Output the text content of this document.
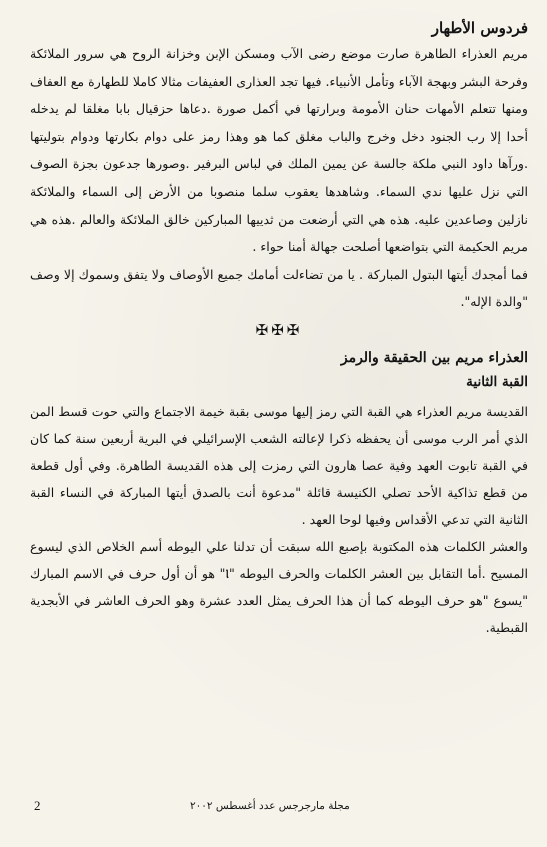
فردوس الأطهار

مريم العذراء الطاهرة صارت موضع رضى الآب ومسكن الإبن وخزانة الروح هي سرور الملائكة وفرحة البشر وبهجة الآباء وتأمل الأنبياء. فيها تجد العذارى العفيفات مثالا كاملا للطهارة مع العفاف ومنها تتعلم الأمهات حنان الأمومة وبرارتها في أكمل صورة .دعاها حزقيال بابا مغلقا لم يدخله أحدا إلا رب الجنود دخل وخرج والباب مغلق كما هو وهذا رمز على دوام بكارتها ودوام بتوليتها .ورآها داود النبي ملكة جالسة عن يمين الملك في لباس البرفير .وصورها جدعون بجزة الصوف التي نزل عليها ندي السماء. وشاهدها يعقوب سلما منصوبا من الأرض إلى السماء والملائكة نازلين وصاعدين عليه. هذه هي التي أرضعت من ثدييها المباركين خالق الملائكة والعالم .هذه هي مريم الحكيمة التي بتواضعها أصلحت جهالة أمنا حواء .

فما أمجدك أيتها البتول المباركة . يا من تضاءلت أمامك جميع الأوصاف ولا يتفق وسموك إلا وصف "والدة الإله".

✠✠✠
العذراء مريم بين الحقيقة والرمز
القبة الثانية

القديسة مريم العذراء هي القبة التي رمز إليها موسى بقبة خيمة الاجتماع والتي حوت قسط المن الذي أمر الرب موسى أن يحفظه ذكرا لإعالته الشعب الإسرائيلي في البرية أربعين سنة كما كان في القبة تابوت العهد وفية عصا هارون التي رمزت إلى هذه القديسة الطاهرة. وفي أول قطعة من قطع تذاكية الأحد تصلي الكنيسة قائلة "مدعوة أنت بالصدق أيتها المباركة في النساء القبة الثانية التي تدعي الأقداس وفيها لوحا العهد .

والعشر الكلمات هذه المكتوبة بإصبع الله سبقت أن تدلنا علي اليوطه أسم الخلاص الذي ليسوع المسيح .أما التقابل بين العشر الكلمات والحرف اليوطه "Ⲓ" هو أن أول حرف في الاسم المبارك "يسوع "هو حرف اليوطه كما أن هذا الحرف يمثل العدد عشرة وهو الحرف العاشر في الأبجدية القبطية.

2	مجلة مارجرجس عدد أغسطس ٢٠٠٢
